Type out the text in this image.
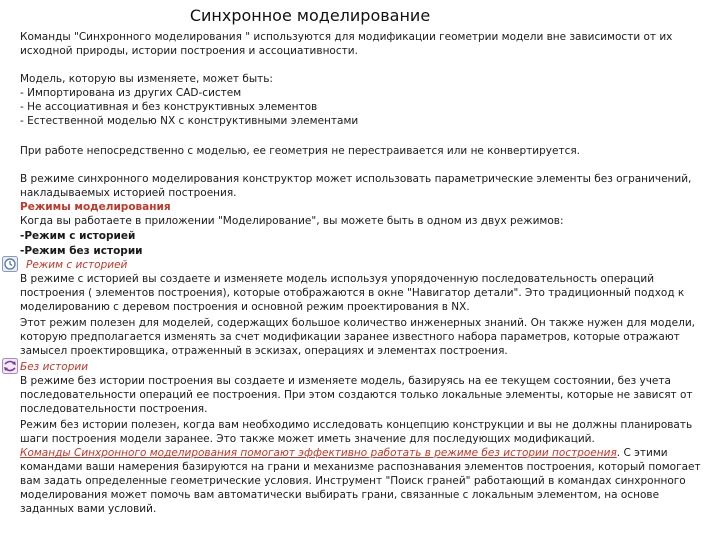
Синхронное моделирование

Команды "Синхронного моделирования " используются для модификации геометрии модели вне зависимости от их исходной природы, истории построения и ассоциативности.

Модель, которую вы изменяете, может быть:

- Импортирована из других CAD-систем

- Не ассоциативная и без конструктивных элементов

- Естественной моделью NX с конструктивными элементами

При работе непосредственно с моделью, ее геометрия не перестраивается или не конвертируется.

В режиме синхронного моделирования конструктор может использовать параметрические элементы без ограничений, накладываемых историей построения.

Режимы моделирования

Когда вы работаете в приложении "Моделирование", вы можете быть в одном из двух режимов:

-Режим с историей

-Режим без истории

Режим с историей

В режиме с историей вы создаете и изменяете модель используя упорядоченную последовательность операций построения ( элементов построения), которые отображаются в окне "Навигатор детали". Это традиционный подход к моделированию с деревом построения и основной режим проектирования в NX.

Этот режим полезен для моделей, содержащих большое количество инженерных знаний. Он также нужен для модели, которую предполагается изменять за счет модификации заранее известного набора параметров, которые отражают замысел проектировщика, отраженный в эскизах, операциях и элементах построения.

Без истории

В режиме без истории построения вы создаете и изменяете модель, базируясь на ее текущем состоянии, без учета последовательности операций ее построения. При этом создаются только локальные элементы, которые не зависят от последовательности построения.

Режим без истории полезен, когда вам необходимо исследовать концепцию конструкции и вы не должны планировать шаги построения модели заранее. Это также может иметь значение для последующих модификаций.

Команды Синхронного моделирования помогают эффективно работать в режиме без истории построения. С этими командами ваши намерения базируются на грани и механизме распознавания элементов построения, который помогает вам задать определенные геометрические условия. Инструмент "Поиск граней" работающий в командах синхронного моделирования может помочь вам автоматически выбирать грани, связанные с локальным элементом, на основе заданных вами условий.
